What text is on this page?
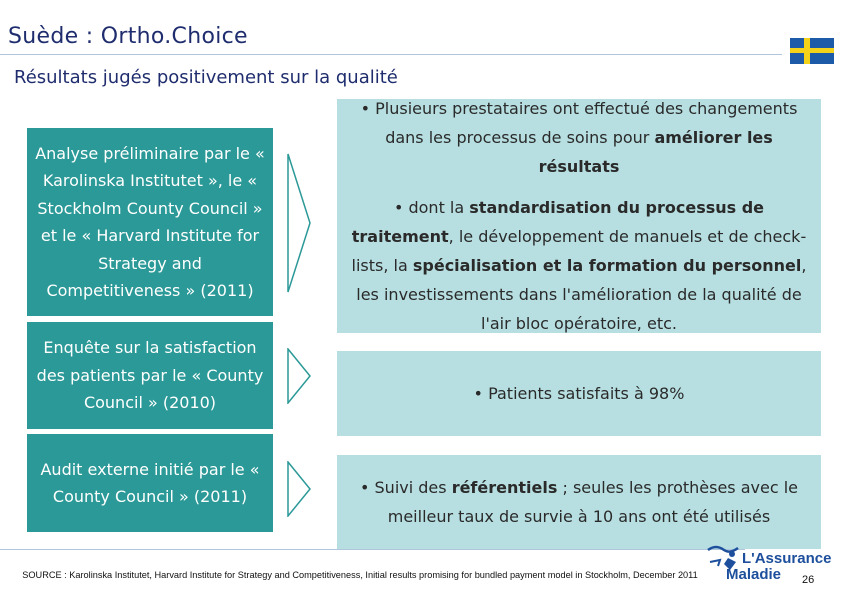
Suède : Ortho.Choice
Résultats jugés positivement sur la qualité
Analyse préliminaire par le « Karolinska Institutet », le « Stockholm County Council » et le « Harvard Institute for Strategy and Competitiveness » (2011)

• Plusieurs prestataires ont effectué des changements dans les processus de soins pour améliorer les résultats

• dont la standardisation du processus de traitement, le développement de manuels et de check-lists, la spécialisation et la formation du personnel, les investissements dans l'amélioration de la qualité de l'air bloc opératoire, etc.

Enquête sur la satisfaction des patients par le « County Council » (2010)	• Patients satisfaits à 98%

Audit externe initié par le « County Council » (2011)	• Suivi des référentiels ; seules les prothèses avec le meilleur taux de survie à 10 ans ont été utilisés

SOURCE : Karolinska Institutet, Harvard Institute for Strategy and Competitiveness, Initial results promising for bundled payment model in Stockholm, December 2011
L'Assurance
Maladie 26
